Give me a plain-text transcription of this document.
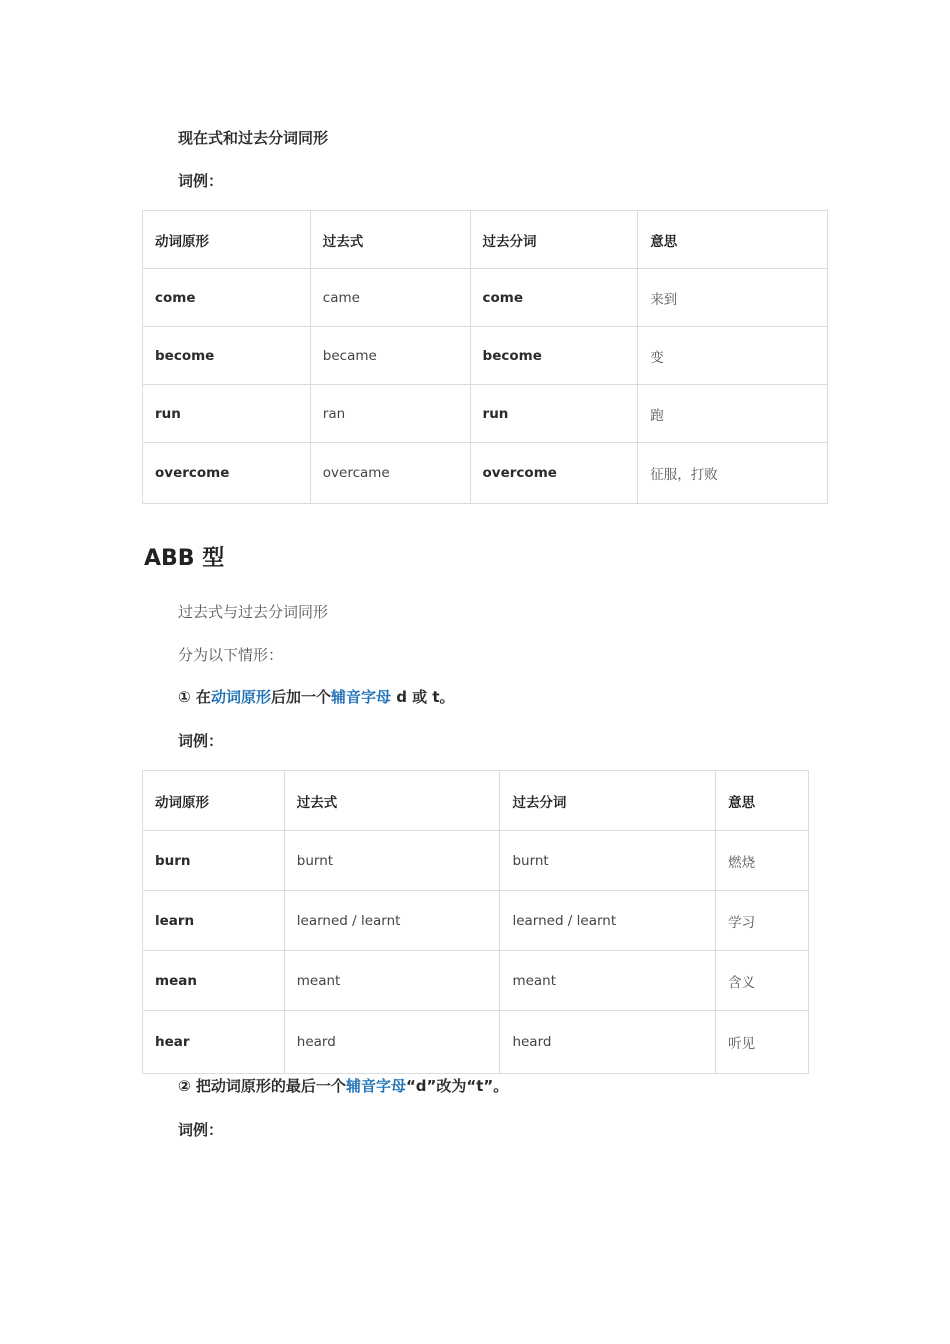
现在式和过去分词同形
词例：
动词原形	过去式	过去分词	意思
come	came	come	来到
become	became	become	变
run	ran	run	跑
overcome	overcame	overcome	征服，打败
ABB 型
过去式与过去分词同形
分为以下情形：
① 在动词原形后加一个辅音字母 d 或 t。
词例：
动词原形	过去式	过去分词	意思
burn	burnt	burnt	燃烧
learn	learned / learnt	learned / learnt	学习
mean	meant	meant	含义
hear	heard	heard	听见
② 把动词原形的最后一个辅音字母“d”改为“t”。
词例：
